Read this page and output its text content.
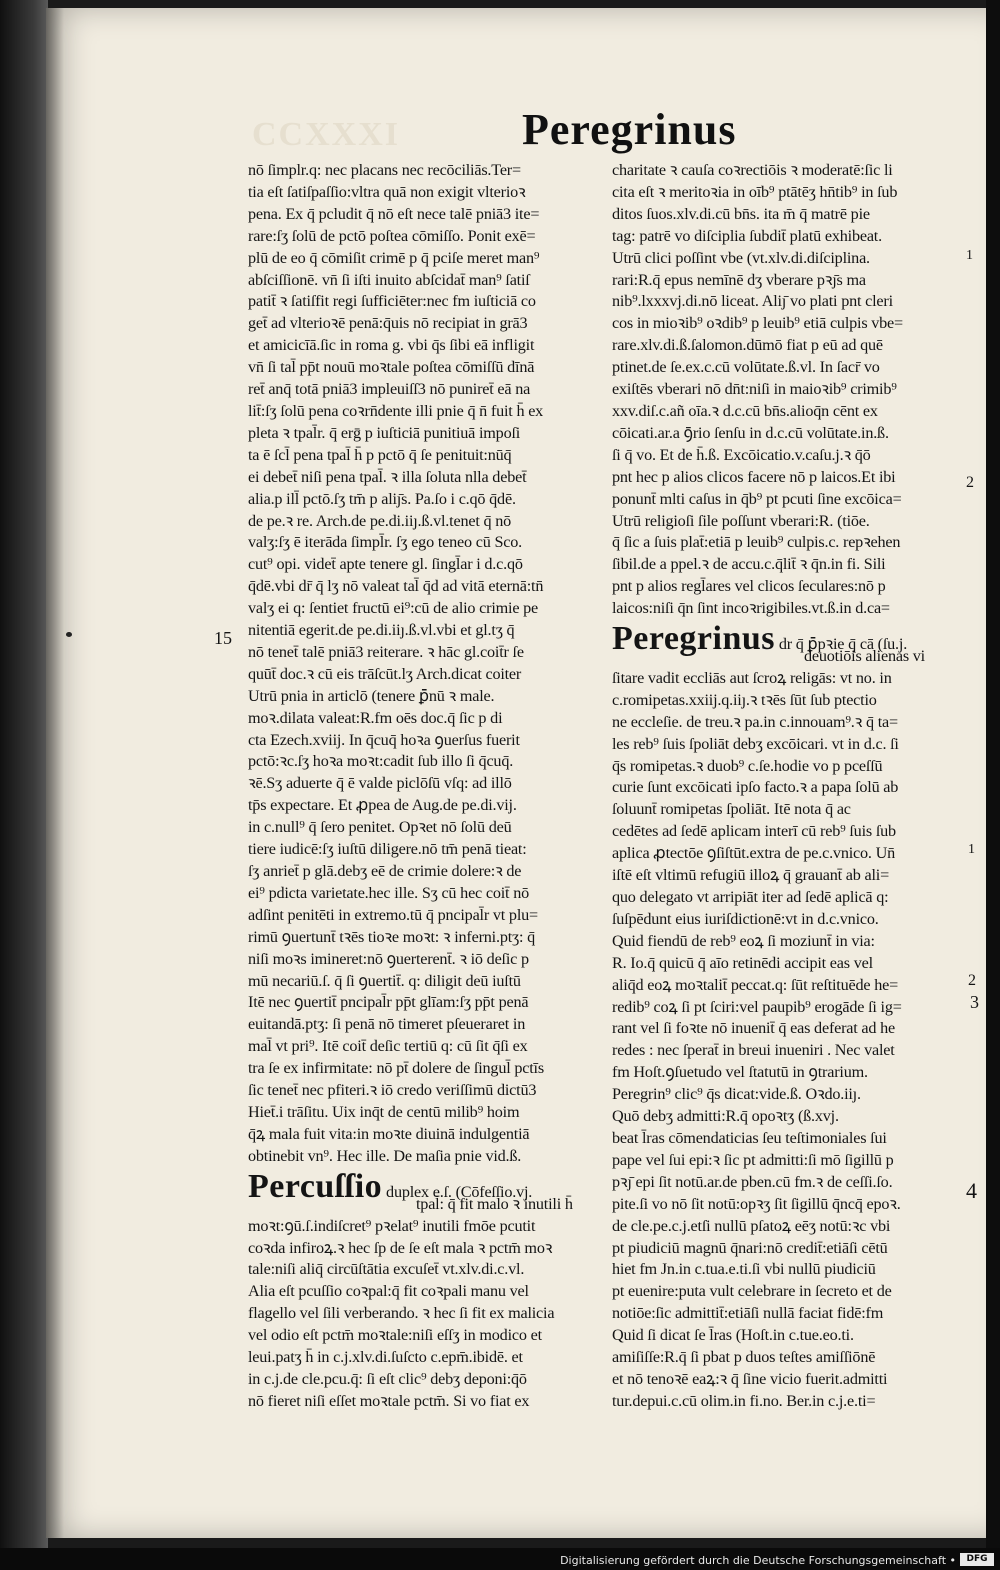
CCXXXI	Peregrinus
nō ſimplr.q: nec placans nec recōciliās.Ter=
tia eſt ſatiſpaſſio:vltra quā non exigit vlterioꝛ
pena. Ex q̄ pcludit q̄ nō eſt nece talē pniā3 ite=
rare:ſʒ ſolū de pctō poſtea cōmiſſo. Ponit exē=
plū de eo q̄ cōmiſit crimē p q̄ pciſe meret man⁹
abſciſſionē. vn̄ ſi iſti inuito abſcidat̄ man⁹ ſatiſ
patit̄ ꝛ ſatiſfit regi ſufficiēter:nec fm iuſticiā co
get̄ ad vlterioꝛē penā:q̄uis nō recipiat in grā3
et amicicīā.ſic in roma g. vbi q̄s ſibi eā infligit
vn̄ ſi tal̄ pp̄t nouū moꝛtale poſtea cōmiſſū dīnā
ret̄ anq̄ totā pniā3 impleuiſſ3 nō puniret̄ eā na
lit̄:ſʒ ſolū pena coꝛrn̄dente illi pnie q̄ n̄ fuit h̄ ex
pleta ꝛ tpal̄r. q̄ erḡ p iuſticiā punitiuā impoſi
ta ē ſcl̄ pena tpal̄ h̄ p pctō q̄ ſe penituit:nūq̄
ei debet̄ niſi pena tpal̄. ꝛ illa ſoluta nlla debet̄
alia.p ill̄ pctō.ſʒ tm̄ p aliȷ̄s. Pa.ſo i c.qō q̄dē.
de pe.ꝛ re. Arch.de pe.di.iiȷ.ß.vl.tenet q̄ nō
valʒ:ſʒ ē iterāda ſimpl̄r. ſʒ ego teneo cū Sco.
cut⁹ opi. videt̄ apte tenere gl. ſingl̄ar i d.c.qō
q̄dē.vbi dr̄ q̄ lʒ nō valeat tal̄ q̄d ad vitā eternā:tn̄
valʒ ei q: ſentiet fructū ei⁹:cū de alio crimie pe
nitentiā egerit.de pe.di.iiȷ.ß.vl.vbi et gl.tʒ q̄
nō tenet̄ talē pniā3 reiterare. ꝛ hāc gl.coit̄r ſe
quūt̄ doc.ꝛ cū eis trāſcūt.lʒ Arch.dicat coiter
Utrū pnia in articlō (tenere ꝑ̄nū ꝛ male.
moꝛ.dilata valeat:R.fm oēs doc.q̄ ſic p di
cta Ezech.xviij. In q̄cuq̄ hoꝛa ꝯuerſus fuerit
pctō:ꝛc.ſʒ hoꝛa moꝛt:cadit ſub illo ſi q̄cuq̄.
ꝛē.Sʒ aduerte q̄ ē valde piclōſū vſq: ad illō
tp̄s expectare. Et ꝓpea de Aug.de pe.di.vij.
in c.null⁹ q̄ ſero penitet. Opꝛet nō ſolū deū
tiere iudicē:ſʒ iuſtū diligere.nō tm̄ penā tieat:
ſʒ anriet̄ p glā.debʒ eē de crimie dolere:ꝛ de
ei⁹ pdicta varietate.hec ille. Sʒ cū hec coit̄ nō
adſint penitēti in extremo.tū q̄ pncipal̄r vt plu=
rimū ꝯuertunt̄ tꝛēs tioꝛe moꝛt: ꝛ inferni.ptʒ: q̄
niſi moꝛs imineret:nō ꝯuerterent̄. ꝛ iō deſic p
mū necariū.ſ. q̄ ſi ꝯuertit̄. q: diligit deū iuſtū
Itē nec ꝯuertit̄ pncipal̄r pp̄t glīam:ſʒ pp̄t penā
euitandā.ptʒ: ſi penā nō timeret pſeueraret in
mal̄ vt pri⁹. Itē coit̄ deſic tertiū q: cū ſit q̄ſi ex
tra ſe ex infirmitate: nō pt̄ dolere de ſingul̄ pctīs
ſic tenet̄ nec pfiteri.ꝛ iō credo veriſſimū dictū3
Hiet̄.i trāſitu. Uix inq̄t de centū milib⁹ hoim
q̄ꝝ mala fuit vita:in moꝛte diuinā indulgentiā
obtinebit vn⁹. Hec ille. De maſia pnie vid.ß.
Percuſſio duplex e.ſ. (Cōfeſſio.vj.
tpal̄: q̄ fit malo ꝛ inutili h̄
moꝛt:ꝯū.ſ.indiſcret⁹ pꝛelat⁹ inutili fmōe pcutit
coꝛda infiroꝝ.ꝛ hec ſp de ſe eſt mala ꝛ pctm̄ moꝛ
tale:niſi aliq̄ circūſtātia excuſet̄ vt.xlv.di.c.vl.
Alia eſt pcuſſio coꝛpal:q̄ fit coꝛpali manu vel
flagello vel ſili verberando. ꝛ hec ſi fit ex malicia
vel odio eſt pctm̄ moꝛtale:niſi eſſʒ in modico et
leui.patʒ h̄ in c.j.xlv.di.ſuſcto c.epm̄.ibidē. et
in c.j.de cle.pcu.q̄: ſi eſt clic⁹ debʒ deponi:q̄ō
nō fieret niſi eſſet moꝛtale pctm̄. Si vo fiat ex
charitate ꝛ cauſa coꝛrectiōis ꝛ moderatē:ſic li
cita eſt ꝛ meritoꝛia in oīb⁹ ptātēʒ hn̄tib⁹ in ſub
ditos ſuos.xlv.di.cū bn̄s. ita m̄ q̄ matrē pie
tag: patrē vo diſciplia ſubdit̄ platū exhibeat.
Utrū clici poſſint vbe (vt.xlv.di.diſciplina.
rari:R.q̄ epus nemīnē dʒ vberare pꝛȷ̄s ma
nib⁹.lxxxvj.di.nō liceat. Aliȷ̄ vo plati pnt cleri
cos in mioꝛib⁹ oꝛdib⁹ p leuib⁹ etiā culpis vbe=
rare.xlv.di.ß.ſalomon.dūmō fiat p eū ad quē
ptinet.de ſe.ex.c.cū volūtate.ß.vl. In ſacr̄ vo
exiſtēs vberari nō dn̄t:niſi in maioꝛib⁹ crimib⁹
xxv.diſ.c.añ oīa.ꝛ d.c.cū bn̄s.alioq̄n cēnt ex
cōicati.ar.a ꝯ̄rio ſenſu in d.c.cū volūtate.in.ß.
ſi q̄ vo. Et de h̄.ß. Excōicatio.v.caſu.j.ꝛ q̄ō
pnt hec p alios clicos facere nō p laicos.Et ibi
ponunt̄ mlti caſus in q̄b⁹ pt pcuti ſine excōica=
Utrū religioſi ſile poſſunt vberari:R. (tiōe.
q̄ ſic a ſuis plat̄:etiā p leuib⁹ culpis.c. repꝛehen
ſibil.de a ppel.ꝛ de accu.c.q̄lit̄ ꝛ q̄n.in fi. Sili
pnt p alios regl̄ares vel clicos ſeculares:nō p
laicos:niſi q̄n ſint incoꝛrigibiles.vt.ß.in d.ca=
Peregrinus dr q̄ ꝑ̄pꝛie q̄ cā (ſu.j.
deuotiōis alienas vi
ſitare vadit eccliās aut ſcroꝝ religās: vt no. in
c.romipetas.xxiij.q.iiȷ.ꝛ tꝛēs ſūt ſub ptectio
ne eccleſie. de treu.ꝛ pa.in c.innouam⁹.ꝛ q̄ ta=
les reb⁹ ſuis ſpoliāt debʒ excōicari. vt in d.c. ſi
q̄s romipetas.ꝛ duob⁹ c.ſe.hodie vo p pceſſū
curie ſunt excōicati ipſo facto.ꝛ a papa ſolū ab
ſoluunt̄ romipetas ſpoliāt. Itē nota q̄ ac
cedētes ad ſedē aplicam interī cū reb⁹ ſuis ſub
aplica ꝓtectōe ꝯſiſtūt.extra de pe.c.vnico. Un̄
iſtē eſt vltimū refugiū illoꝝ q̄ grauant̄ ab ali=
quo delegato vt arripiāt iter ad ſedē aplicā q:
ſuſpēdunt eius iuriſdictionē:vt in d.c.vnico.
Quid fiendū de reb⁹ eoꝝ ſi moziunt̄ in via:
R. Io.q̄ quicū q̄ aīo retinēdi accipit eas vel
aliq̄d eoꝝ moꝛtalit̄ peccat.q: ſūt reſtituēde he=
redib⁹ coꝝ ſi pt ſciri:vel paupib⁹ erogāde ſi ig=
rant vel ſi foꝛte nō inuenit̄ q̄ eas deferat ad he
redes : nec ſperat̄ in breui inueniri . Nec valet
fm Hoſt.ꝯſuetudo vel ſtatutū in ꝯtrarium.
Peregrin⁹ clic⁹ q̄s dicat:vide.ß. Oꝛdo.iiȷ.
Quō debʒ admitti:R.q̄ opoꝛtʒ (ß.xvj.
beat l̄ras cōmendaticias ſeu teſtimoniales ſui
pape vel ſui epi:ꝛ ſic pt admitti:ſi mō ſigillū p
pꝛȷ̄ epi ſit notū.ar.de pben.cū fm.ꝛ de ceſſi.ſo.
pite.ſi vo nō ſit notū:opꝛʒ ſit ſigillū q̄ncq̄ epoꝛ.
de cle.pe.c.j.etſi nullū pſatoꝝ eēʒ notū:ꝛc vbi
pt piudiciū magnū q̄nari:nō credit̄:etiāſi cētū
hiet fm Jn.in c.tua.e.ti.ſi vbi nullū piudiciū
pt euenire:puta vult celebrare in ſecreto et de
notiōe:ſic admittit̄:etiāſi nullā faciat fidē:fm
Quid ſi dicat ſe l̄ras (Hoſt.in c.tue.eo.ti.
amiſiſſe:R.q̄ ſi pbat p duos teſtes amiſſiōnē
et nō tenoꝛē eaꝝ:ꝛ q̄ ſine vicio fuerit.admitti
tur.depui.c.cū olim.in fi.no. Ber.in c.j.e.ti=
15
1
2
1
2
3
4
Digitalisierung gefördert durch die Deutsche Forschungsgemeinschaft •	DFG
